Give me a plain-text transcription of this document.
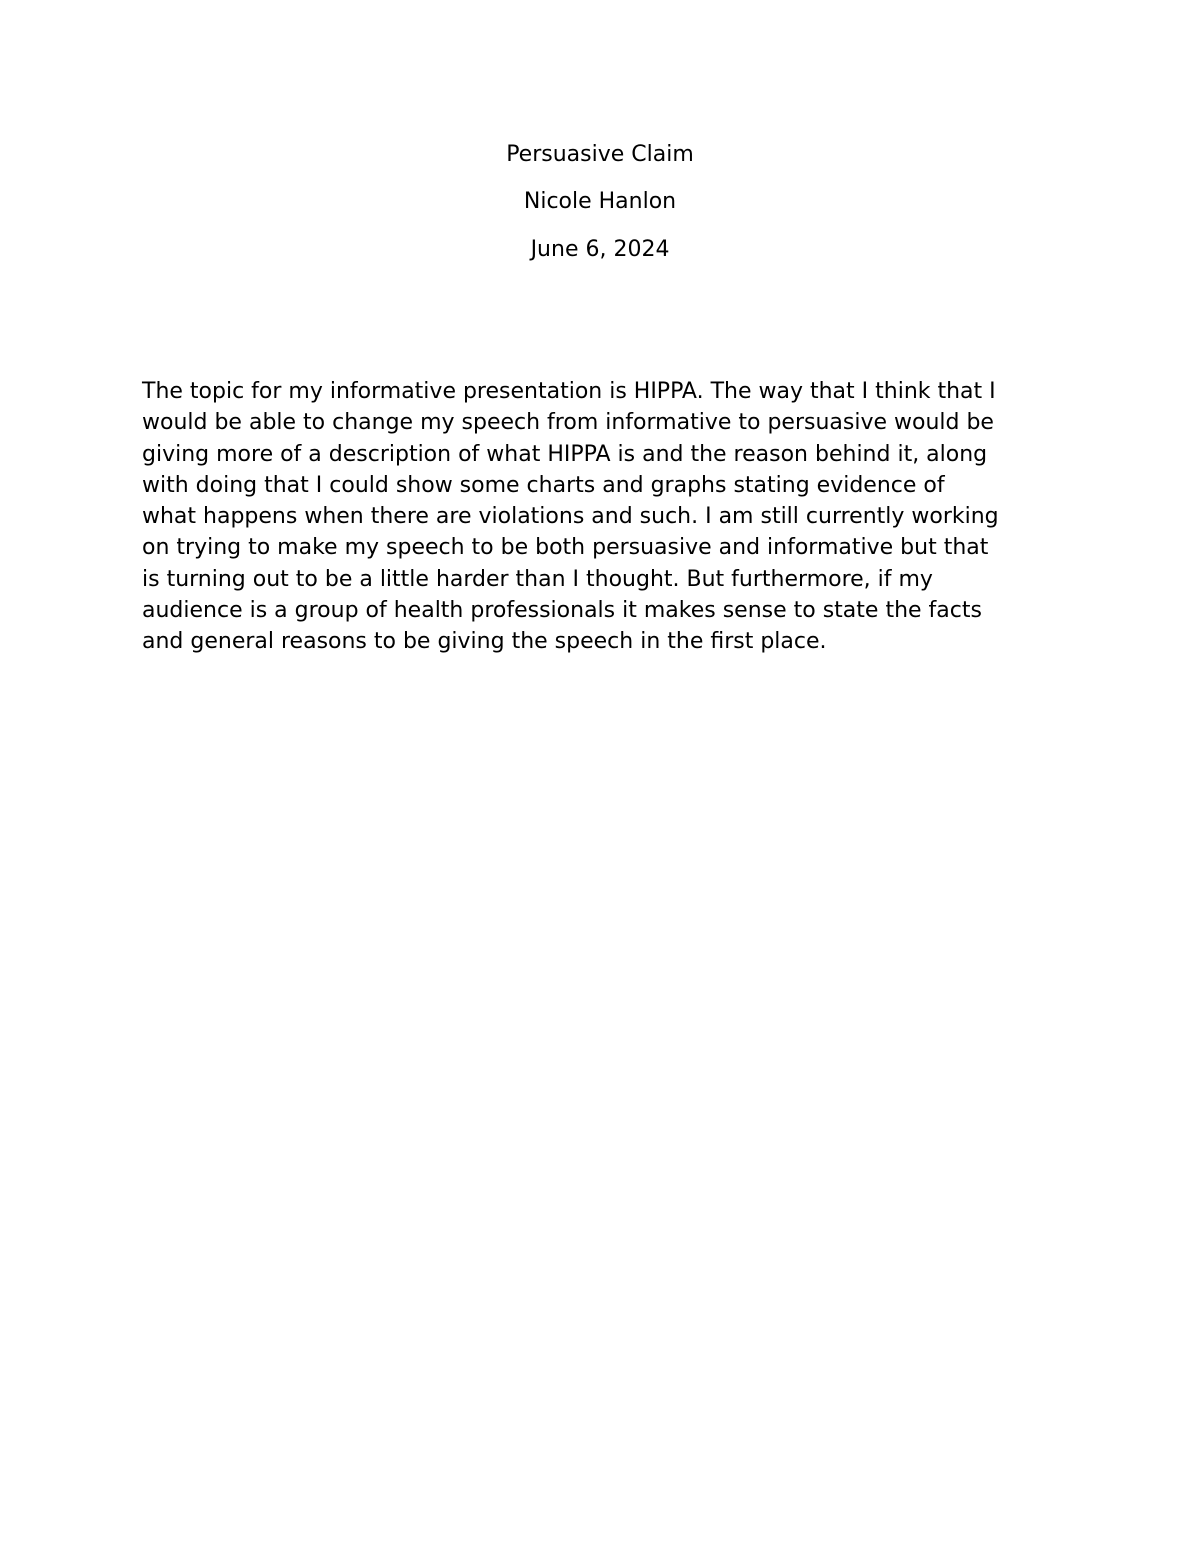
Persuasive Claim
Nicole Hanlon
June 6, 2024

The topic for my informative presentation is HIPPA. The way that I think that I
would be able to change my speech from informative to persuasive would be
giving more of a description of what HIPPA is and the reason behind it, along
with doing that I could show some charts and graphs stating evidence of
what happens when there are violations and such. I am still currently working
on trying to make my speech to be both persuasive and informative but that
is turning out to be a little harder than I thought. But furthermore, if my
audience is a group of health professionals it makes sense to state the facts
and general reasons to be giving the speech in the first place.
